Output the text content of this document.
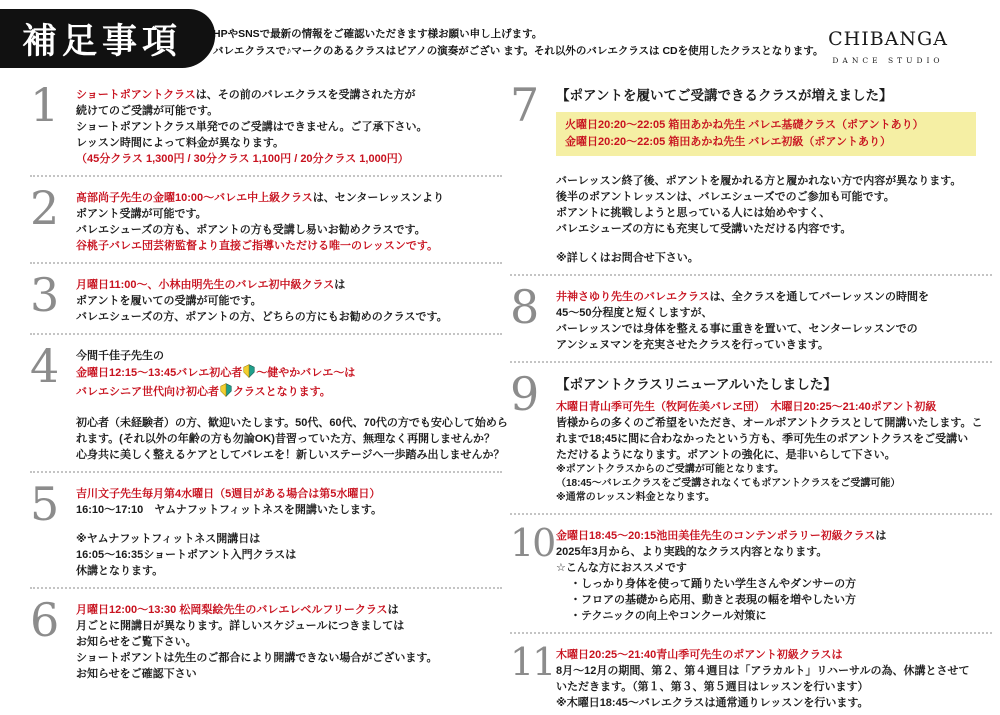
補足事項	HPやSNSで最新の情報をご確認いただきます様お願い申し上げます。
バレエクラスで♪マークのあるクラスはピアノの演奏がござい ます。それ以外のバレエクラスは CDを使用したクラスとなります。
CHIBANGA
DANCE STUDIO
1	ショートポアントクラスは、その前のバレエクラスを受講された方が

続けてのご受講が可能です。

ショートポアントクラス単発でのご受講はできません。ご了承下さい。

レッスン時間によって料金が異なります。

（45分クラス 1,300円 / 30分クラス 1,100円 / 20分クラス 1,000円）

2	髙部尚子先生の金曜10:00〜バレエ中上級クラスは、センターレッスンより

ポアント受講が可能です。

バレエシューズの方も、ポアントの方も受講し易いお勧めクラスです。

谷桃子バレエ団芸術監督より直接ご指導いただける唯一のレッスンです。

3	月曜日11:00〜、小林由明先生のバレエ初中級クラスは

ポアントを履いての受講が可能です。

バレエシューズの方、ポアントの方、どちらの方にもお勧めのクラスです。

4	今間千佳子先生の

金曜日12:15〜13:45バレエ初心者 〜健やかバレエ〜は

バレエシニア世代向け初心者 クラスとなります。

初心者（未経験者）の方、歓迎いたします。50代、60代、70代の方でも安心して始めら

れます。(それ以外の年齢の方も勿論OK)昔習っていた方、無理なく再開しませんか？

心身共に美しく整えるケアとしてバレエを！新しいステージへ一歩踏み出しませんか？

5	吉川文子先生毎月第4水曜日（5週目がある場合は第5水曜日）

16:10〜17:10　ヤムナフットフィットネスを開講いたします。

※ヤムナフットフィットネス開講日は

16:05〜16:35ショートポアント入門クラスは

休講となります。

6	月曜日12:00〜13:30 松岡梨絵先生のバレエレベルフリークラスは

月ごとに開講日が異なります。詳しいスケジュールにつきましては

お知らせをご覧下さい。

ショートポアントは先生のご都合により開講できない場合がございます。

お知らせをご確認下さい

7	【ポアントを履いてご受講できるクラスが増えました】

火曜日20:20〜22:05 箱田あかね先生 バレエ基礎クラス（ポアントあり）

金曜日20:20〜22:05 箱田あかね先生 バレエ初級（ポアントあり）

バーレッスン終了後、ポアントを履かれる方と履かれない方で内容が異なります。

後半のポアントレッスンは、バレエシューズでのご参加も可能です。

ポアントに挑戦しようと思っている人には始めやすく、

バレエシューズの方にも充実して受講いただける内容です。

※詳しくはお問合せ下さい。

8	井神さゆり先生のバレエクラスは、全クラスを通してバーレッスンの時間を

45〜50分程度と短くしますが、

バーレッスンでは身体を整える事に重きを置いて、センターレッスンでの

アンシェヌマンを充実させたクラスを行っていきます。

9	【ポアントクラスリニューアルいたしました】

木曜日青山季可先生（牧阿佐美バレヱ団）　木曜日20:25〜21:40ポアント初級

皆様からの多くのご希望をいただき、オールポアントクラスとして開講いたします。こ

れまで18;45に間に合わなかったという方も、季可先生のポアントクラスをご受講い

ただけるようになります。ポアントの強化に、是非いらして下さい。

※ポアントクラスからのご受講が可能となります。

（18:45〜バレエクラスをご受講されなくてもポアントクラスをご受講可能）

※通常のレッスン料金となります。

10 金曜日18:45〜20:15池田美佳先生のコンテンポラリー初級クラスは

2025年3月から、より実践的なクラス内容となります。

☆こんな方におススメです

・しっかり身体を使って踊りたい学生さんやダンサーの方

・フロアの基礎から応用、動きと表現の幅を増やしたい方

・テクニックの向上やコンクール対策に

11 木曜日20:25〜21:40青山季可先生のポアント初級クラスは

8月〜12月の期間、第２、第４週目は「アラカルト」リハーサルの為、休講とさせて

いただきます。（第１、第３、第５週目はレッスンを行います）

※木曜日18:45〜バレエクラスは通常通りレッスンを行います。
